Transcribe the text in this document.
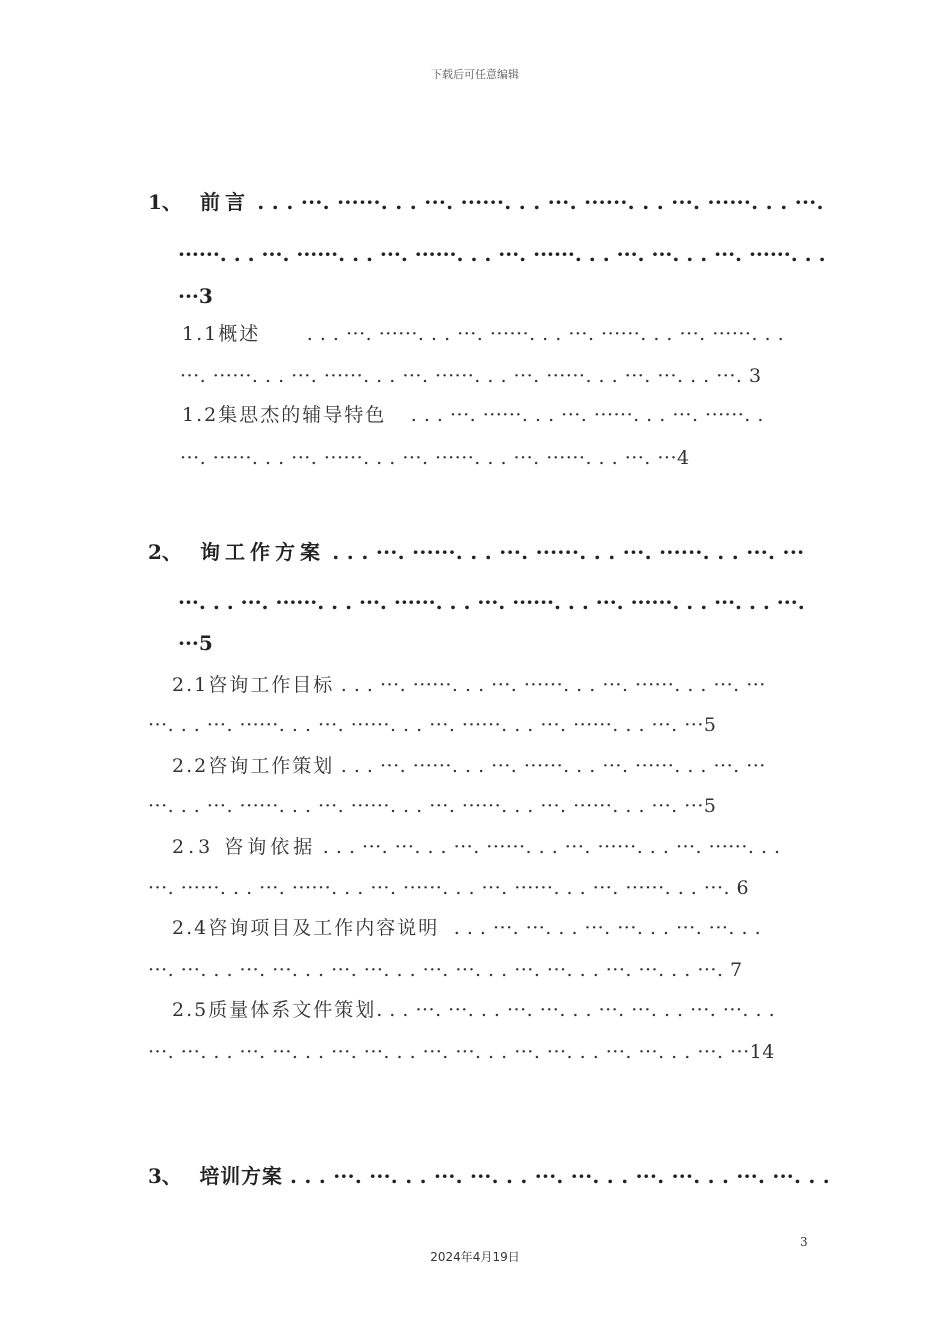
下载后可任意编辑
1、 前言 . . . ···. ······. . . ···. ······. . . ···. ······. . . ···. ······. . . ···.
······. . . ···. ······. . . ···. ······. . . ···. ······. . . ···. ···. . . ···. ······. . .
···3
1.1概述 . . . ···. ······. . . ···. ······. . . ···. ······. . . ···. ······. . .
···. ······. . . ···. ······. . . ···. ······. . . ···. ······. . . ···. ···. . . ···. 3
1.2集思杰的辅导特色 . . . ···. ······. . . ···. ······. . . ···. ······. .
···. ······. . . ···. ······. . . ···. ······. . . ···. ······. . . ···. ···4
2、 询工作方案 . . . ···. ······. . . ···. ······. . . ···. ······. . . ···. ···
···. . . ···. ······. . . ···. ······. . . ···. ······. . . ···. ······. . . ···. . . ···.
···5
2.1咨询工作目标 . . . ···. ······. . . ···. ······. . . ···. ······. . . ···. ···
···. . . ···. ······. . . ···. ······. . . ···. ······. . . ···. ······. . . ···. ···5
2.2咨询工作策划 . . . ···. ······. . . ···. ······. . . ···. ······. . . ···. ···
···. . . ···. ······. . . ···. ······. . . ···. ······. . . ···. ······. . . ···. ···5
2.3 咨询依据 . . . ···. ···. . . ···. ······. . . ···. ······. . . ···. ······. . .
···. ······. . . ···. ······. . . ···. ······. . . ···. ······. . . ···. ······. . . ···. 6
2.4咨询项目及工作内容说明 . . . ···. ···. . . ···. ···. . . ···. ···. . .
···. ···. . . ···. ···. . . ···. ···. . . ···. ···. . . ···. ···. . . ···. ···. . . ···. 7
2.5质量体系文件策划. . . ···. ···. . . ···. ···. . . ···. ···. . . ···. ···. . .
···. ···. . . ···. ···. . . ···. ···. . . ···. ···. . . ···. ···. . . ···. ···. . . ···. ···14
3、 培训方案 . . . ···. ···. . . ···. ···. . . ···. ···. . . ···. ···. . . ···. ···. . .
3
2024年4月19日
